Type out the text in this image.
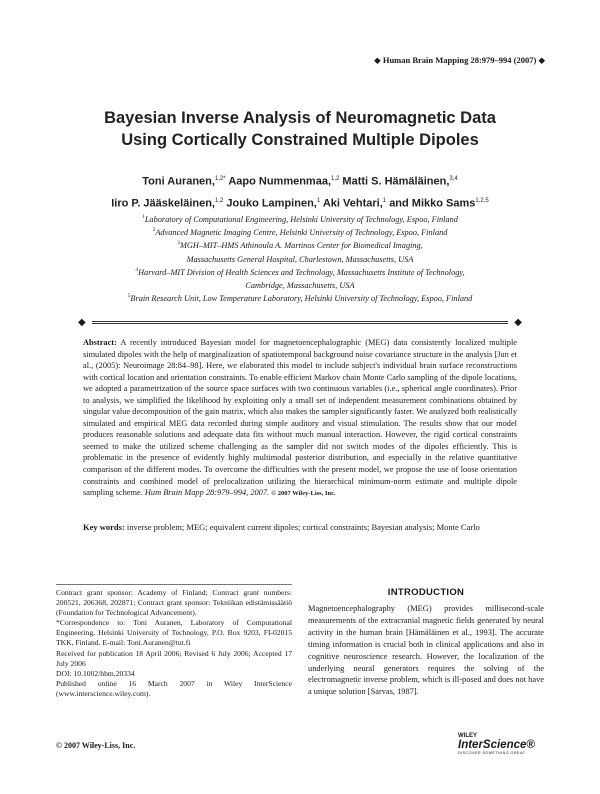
◆ Human Brain Mapping 28:979–994 (2007) ◆
Bayesian Inverse Analysis of Neuromagnetic Data
Using Cortically Constrained Multiple Dipoles
Toni Auranen,$^{1,2*}$ Aapo Nummenmaa,$^{1,2}$ Matti S. Hämäläinen,$^{3,4}$
Iiro P. Jääskeläinen,$^{1,2}$ Jouko Lampinen,$^1$ Aki Vehtari,$^1$ and Mikko Sams$^{1,2,5}$
$^1$Laboratory of Computational Engineering, Helsinki University of Technology, Espoo, Finland
$^2$Advanced Magnetic Imaging Centre, Helsinki University of Technology, Espoo, Finland
$^3$MGH–MIT–HMS Athinoula A. Martinos Center for Biomedical Imaging,
Massachusetts General Hospital, Charlestown, Massachusetts, USA
$^4$Harvard–MIT Division of Health Sciences and Technology, Massachusetts Institute of Technology,
Cambridge, Massachusetts, USA
$^5$Brain Research Unit, Low Temperature Laboratory, Helsinki University of Technology, Espoo, Finland
◆	◆
Abstract: A recently introduced Bayesian model for magnetoencephalographic (MEG) data consistently localized multiple simulated dipoles with the help of marginalization of spatiotemporal background noise covariance structure in the analysis [Jun et al., (2005): Neuroimage 28:84–98]. Here, we elaborated this model to include subject's individual brain surface reconstructions with cortical location and orientation constraints. To enable efficient Markov chain Monte Carlo sampling of the dipole locations, we adopted a parametrization of the source space surfaces with two continuous variables (i.e., spherical angle coordinates). Prior to analysis, we simplified the likelihood by exploiting only a small set of independent measurement combinations obtained by singular value decomposition of the gain matrix, which also makes the sampler significantly faster. We analyzed both realistically simulated and empirical MEG data recorded during simple auditory and visual stimulation. The results show that our model produces reasonable solutions and adequate data fits without much manual interaction. However, the rigid cortical constraints seemed to make the utilized scheme challenging as the sampler did not switch modes of the dipoles efficiently. This is problematic in the presence of evidently highly multimodal posterior distribution, and especially in the relative quantitative comparison of the different modes. To overcome the difficulties with the present model, we propose the use of loose orientation constraints and combined model of prelocalization utilizing the hierarchical minimum-norm estimate and multiple dipole sampling scheme. Hum Brain Mapp 28:979–994, 2007. © 2007 Wiley-Liss, Inc.
Key words: inverse problem; MEG; equivalent current dipoles; cortical constraints; Bayesian analysis; Monte Carlo

Contract grant sponsor: Academy of Finland; Contract grant numbers: 200521, 206368, 202871; Contract grant sponsor: Tekniikan edistämissäätiö (Foundation for Technological Advancement).

*Correspondence to: Toni Auranen, Laboratory of Computational Engineering, Helsinki University of Technology, P.O. Box 9203, FI-02015 TKK, Finland. E-mail: Toni.Auranen@tut.fi

Received for publication 18 April 2006; Revised 6 July 2006; Accepted 17 July 2006

DOI: 10.1002/hbm.20334

Published online 16 March 2007 in Wiley InterScience (www.interscience.wiley.com).

© 2007 Wiley-Liss, Inc.
INTRODUCTION
Magnetoencephalography (MEG) provides millisecond-scale measurements of the extracranial magnetic fields generated by neural activity in the human brain [Hämäläinen et al., 1993]. The accurate timing information is crucial both in clinical applications and also in cognitive neuroscience research. However, the localization of the underlying neural generators requires the solving of the electromagnetic inverse problem, which is ill-posed and does not have a unique solution [Sarvas, 1987].
WILEY
InterScience®
DISCOVER SOMETHING GREAT
